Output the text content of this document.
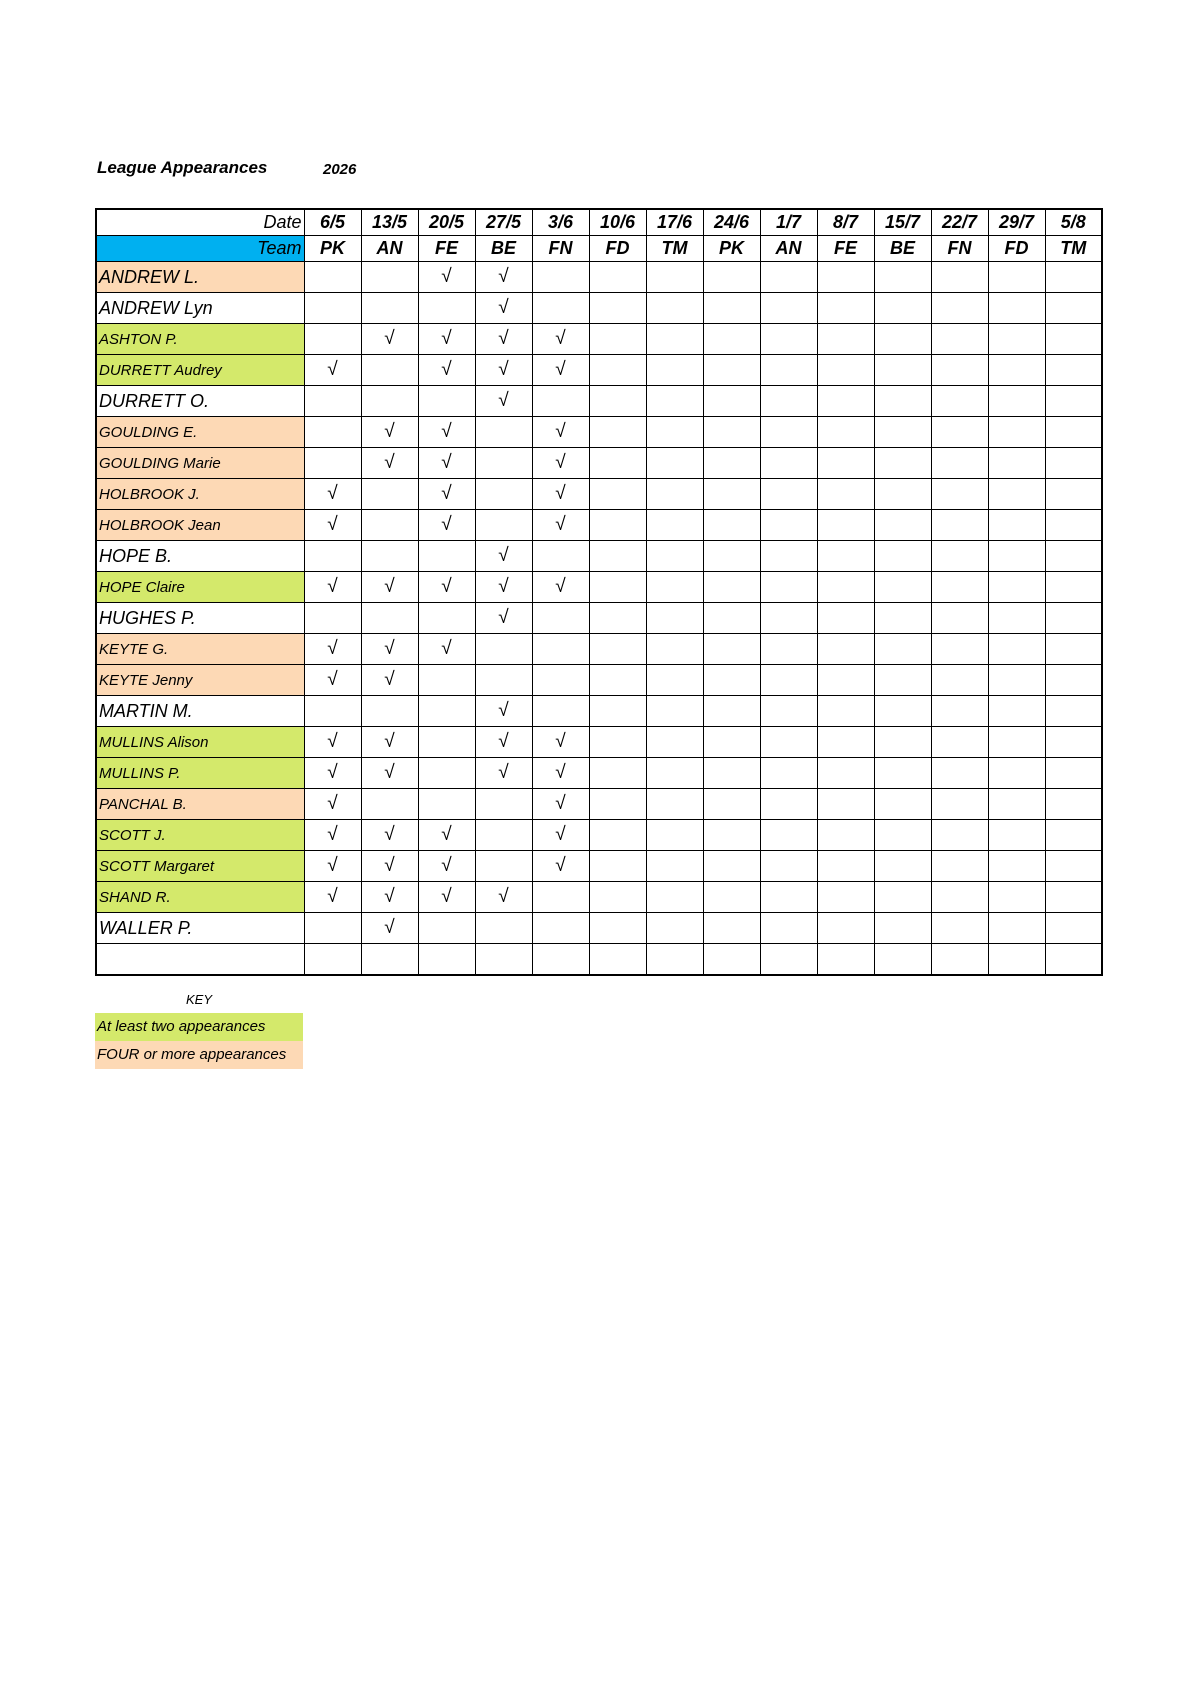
League Appearances	2026
Date	6/5	13/5	20/5	27/5	3/6	10/6	17/6	24/6	1/7	8/7	15/7	22/7	29/7	5/8
Team	PK	AN	FE	BE	FN	FD	TM	PK	AN	FE	BE	FN	FD	TM
ANDREW L.			√	√										
ANDREW Lyn				√										
ASHTON P.		√	√	√	√									
DURRETT Audrey	√		√	√	√									
DURRETT O.				√										
GOULDING E.		√	√		√									
GOULDING Marie		√	√		√									
HOLBROOK J.	√		√		√									
HOLBROOK Jean	√		√		√									
HOPE B.				√										
HOPE Claire	√	√	√	√	√									
HUGHES P.				√										
KEYTE G.	√	√	√											
KEYTE Jenny	√	√												
MARTIN M.				√										
MULLINS Alison	√	√		√	√									
MULLINS P.	√	√		√	√									
PANCHAL B.	√				√									
SCOTT J.	√	√	√		√									
SCOTT Margaret	√	√	√		√									
SHAND R.	√	√	√	√										
WALLER P.		√												

KEY
At least two appearances
FOUR or more appearances
